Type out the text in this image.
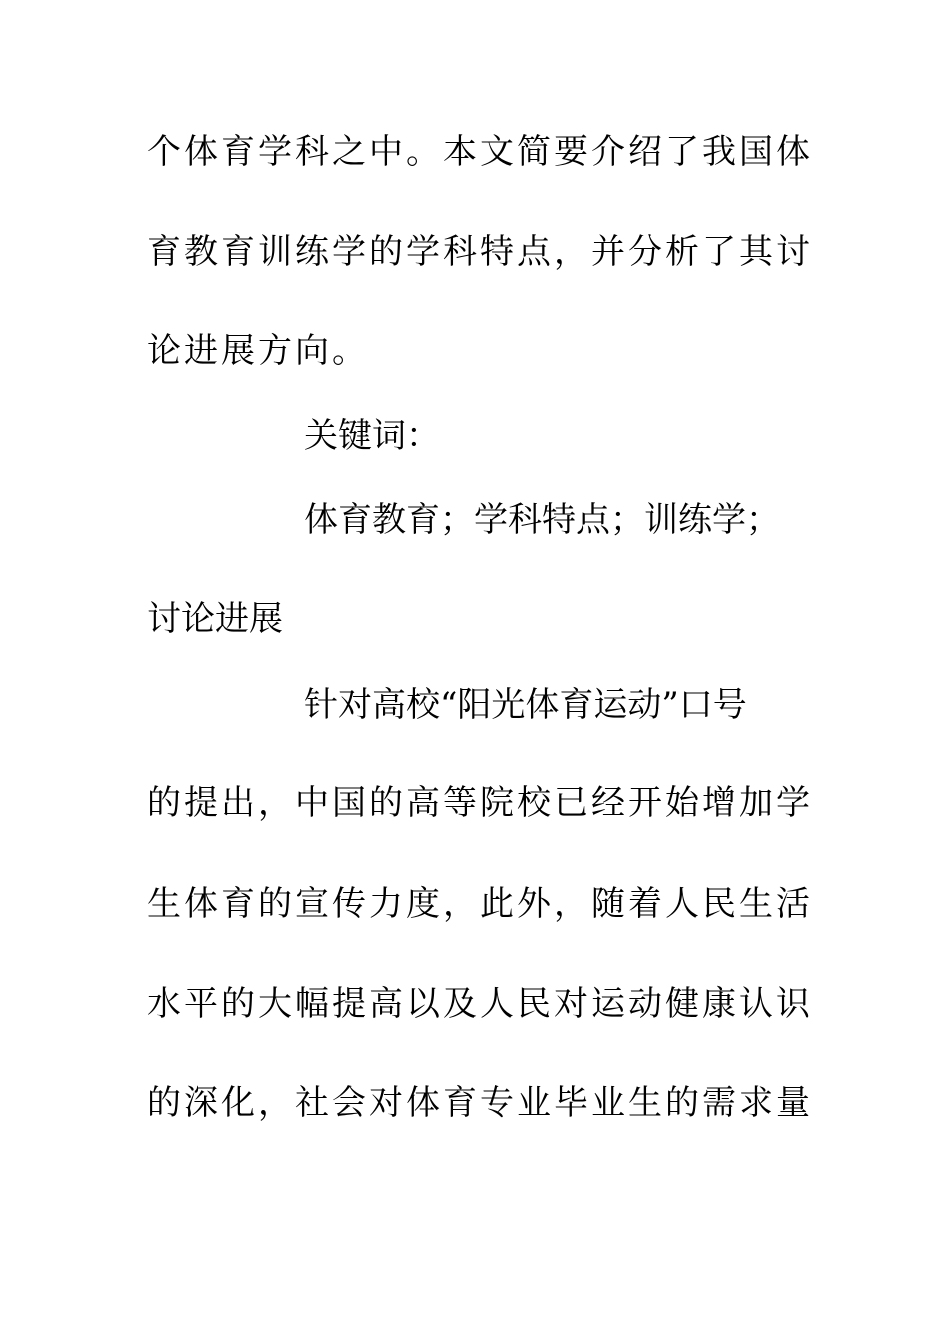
个体育学科之中。本文简要介绍了我国体
育教育训练学的学科特点，并分析了其讨
论进展方向。
关键词：
体育教育；学科特点；训练学；
讨论进展
针对高校“阳光体育运动”口号
的提出，中国的高等院校已经开始增加学
生体育的宣传力度，此外，随着人民生活
水平的大幅提高以及人民对运动健康认识
的深化，社会对体育专业毕业生的需求量
